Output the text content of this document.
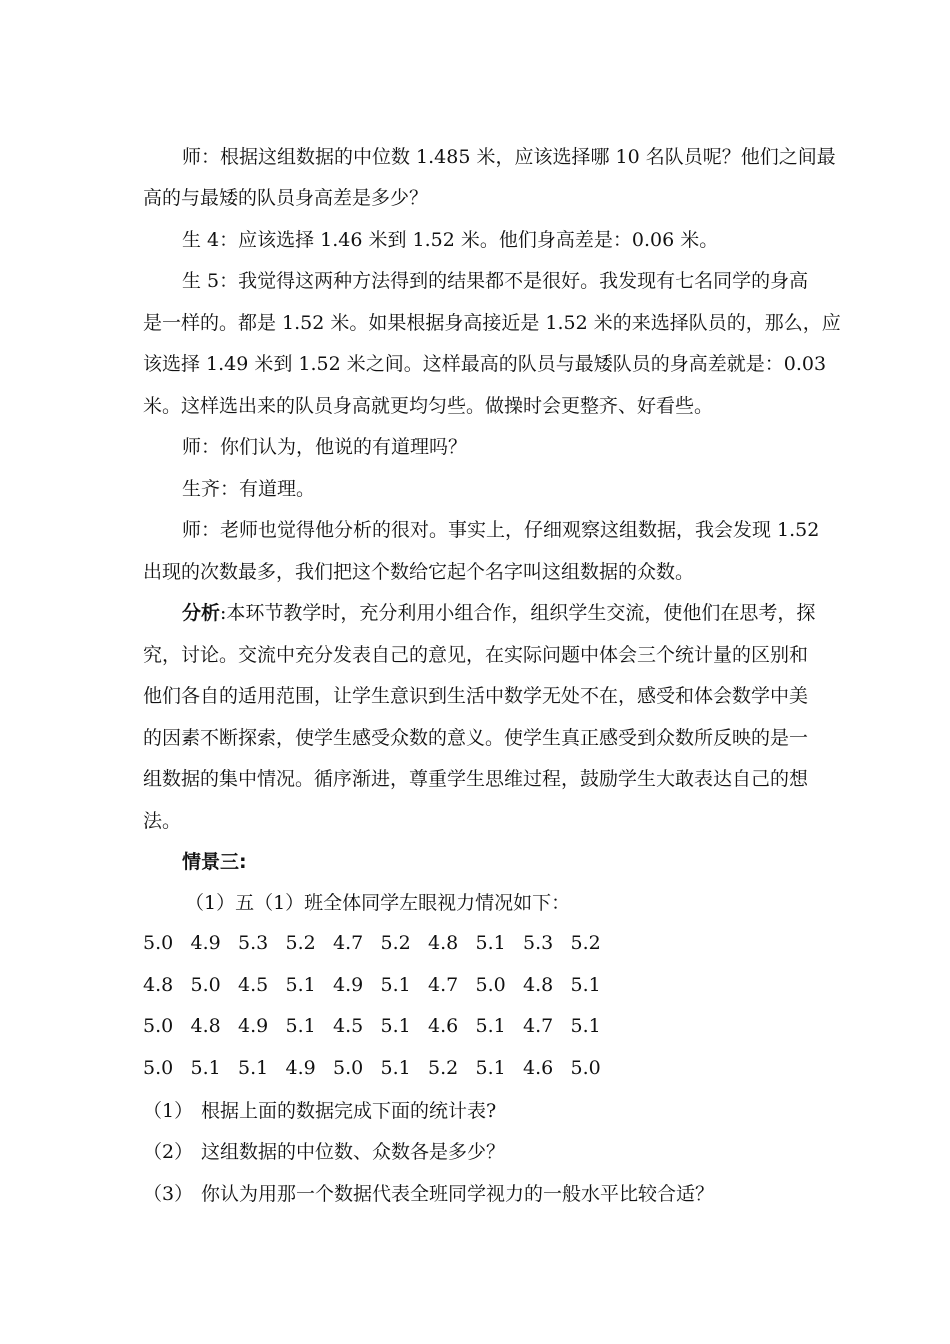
师：根据这组数据的中位数 1.485 米，应该选择哪 10 名队员呢？他们之间最
高的与最矮的队员身高差是多少？
生 4：应该选择 1.46 米到 1.52 米。他们身高差是：0.06 米。
生 5：我觉得这两种方法得到的结果都不是很好。我发现有七名同学的身高
是一样的。都是 1.52 米。如果根据身高接近是 1.52 米的来选择队员的，那么，应
该选择 1.49 米到 1.52 米之间。这样最高的队员与最矮队员的身高差就是：0.03
米。这样选出来的队员身高就更均匀些。做操时会更整齐、好看些。
师：你们认为，他说的有道理吗？
生齐：有道理。
师：老师也觉得他分析的很对。事实上，仔细观察这组数据，我会发现 1.52
出现的次数最多，我们把这个数给它起个名字叫这组数据的众数。
分析:本环节教学时，充分利用小组合作，组织学生交流，使他们在思考，探
究，讨论。交流中充分发表自己的意见，在实际问题中体会三个统计量的区别和
他们各自的适用范围，让学生意识到生活中数学无处不在，感受和体会数学中美
的因素不断探索，使学生感受众数的意义。使学生真正感受到众数所反映的是一
组数据的集中情况。循序渐进，尊重学生思维过程，鼓励学生大敢表达自己的想
法。
情景三:
（1）五（1）班全体同学左眼视力情况如下：
5.0 4.9 5.3 5.2 4.7 5.2 4.8 5.1 5.3 5.2
4.8 5.0 4.5 5.1 4.9 5.1 4.7 5.0 4.8 5.1
5.0 4.8 4.9 5.1 4.5 5.1 4.6 5.1 4.7 5.1
5.0 5.1 5.1 4.9 5.0 5.1 5.2 5.1 4.6 5.0
（1） 根据上面的数据完成下面的统计表?
（2） 这组数据的中位数、众数各是多少？
（3） 你认为用那一个数据代表全班同学视力的一般水平比较合适？
